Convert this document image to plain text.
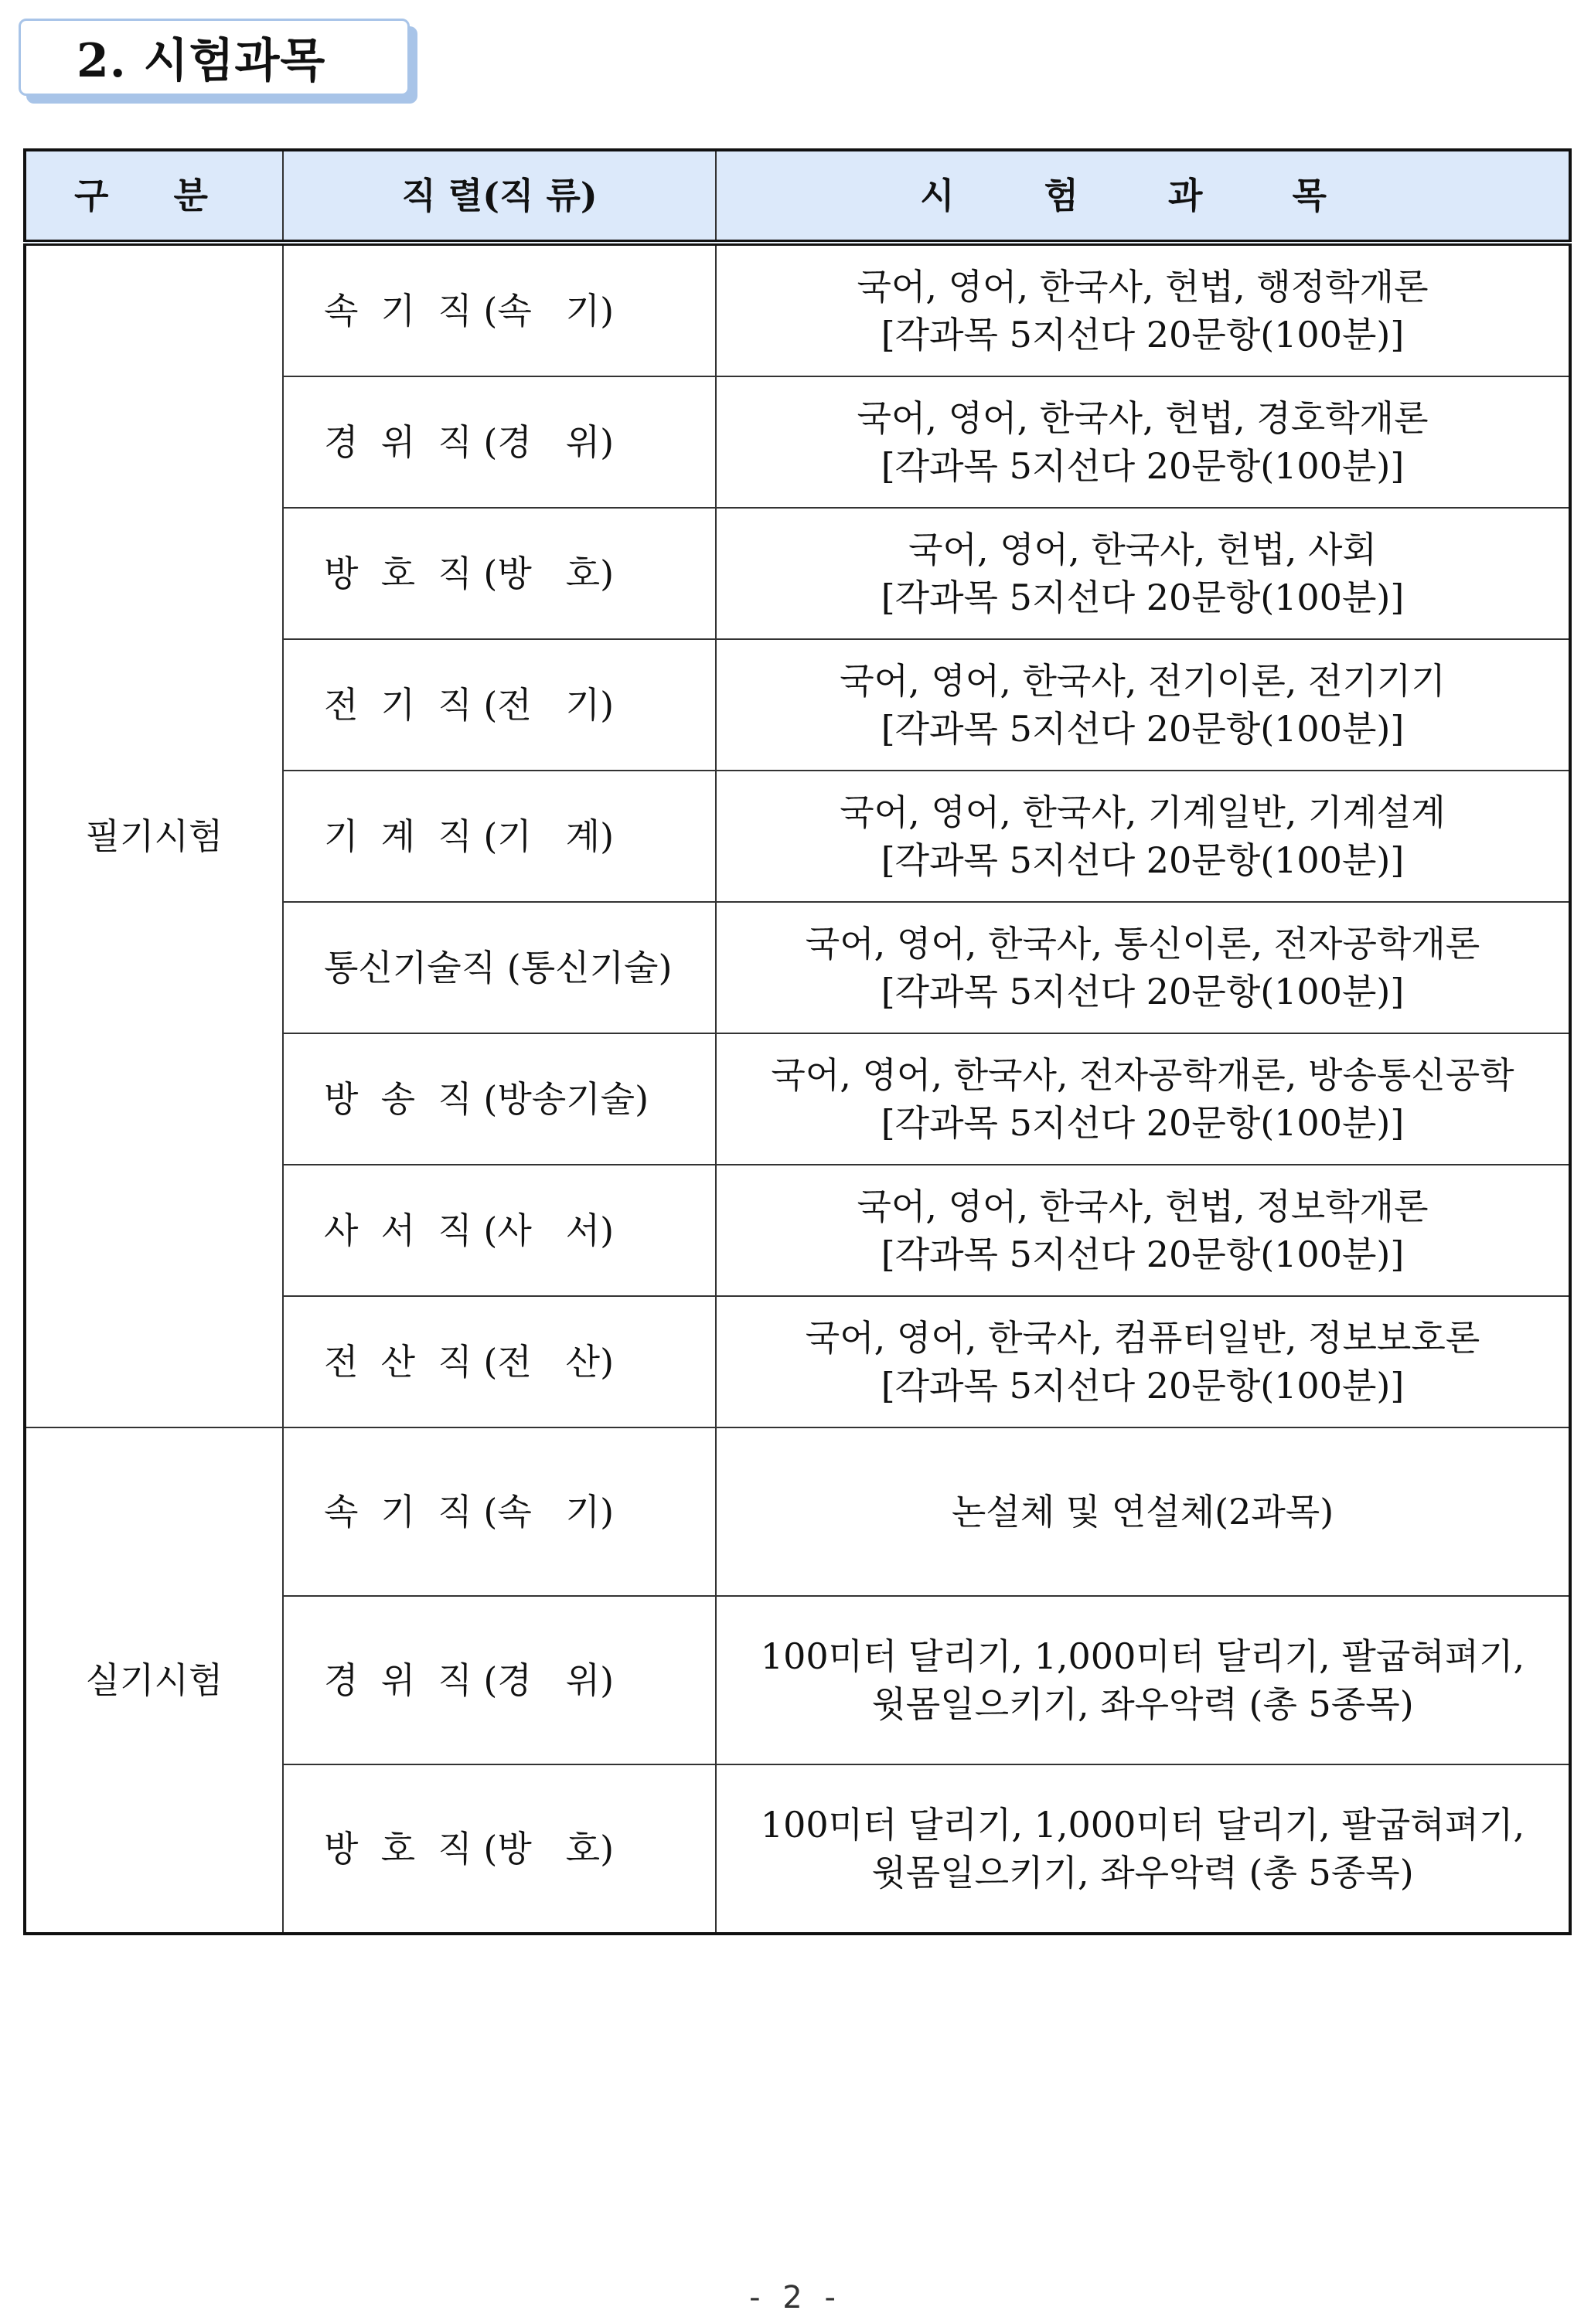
2. 시험과목
구 분	직 렬(직 류)	시 험 과 목
필기시험	속  기  직 (속   기)	국어, 영어, 한국사, 헌법, 행정학개론
[각과목 5지선다 20문항(100분)]
	경  위  직 (경   위)	국어, 영어, 한국사, 헌법, 경호학개론
[각과목 5지선다 20문항(100분)]
	방  호  직 (방   호)	국어, 영어, 한국사, 헌법, 사회
[각과목 5지선다 20문항(100분)]
	전  기  직 (전   기)	국어, 영어, 한국사, 전기이론, 전기기기
[각과목 5지선다 20문항(100분)]
	기  계  직 (기   계)	국어, 영어, 한국사, 기계일반, 기계설계
[각과목 5지선다 20문항(100분)]
	통신기술직 (통신기술)	국어, 영어, 한국사, 통신이론, 전자공학개론
[각과목 5지선다 20문항(100분)]
	방  송  직 (방송기술)	국어, 영어, 한국사, 전자공학개론, 방송통신공학
[각과목 5지선다 20문항(100분)]
	사  서  직 (사   서)	국어, 영어, 한국사, 헌법, 정보학개론
[각과목 5지선다 20문항(100분)]
	전  산  직 (전   산)	국어, 영어, 한국사, 컴퓨터일반, 정보보호론
[각과목 5지선다 20문항(100분)]
실기시험	속  기  직 (속   기)	논설체 및 연설체(2과목)
	경  위  직 (경   위)	100미터 달리기, 1,000미터 달리기, 팔굽혀펴기,
윗몸일으키기, 좌우악력 (총 5종목)
	방  호  직 (방   호)	100미터 달리기, 1,000미터 달리기, 팔굽혀펴기,
윗몸일으키기, 좌우악력 (총 5종목)
- 2 -
